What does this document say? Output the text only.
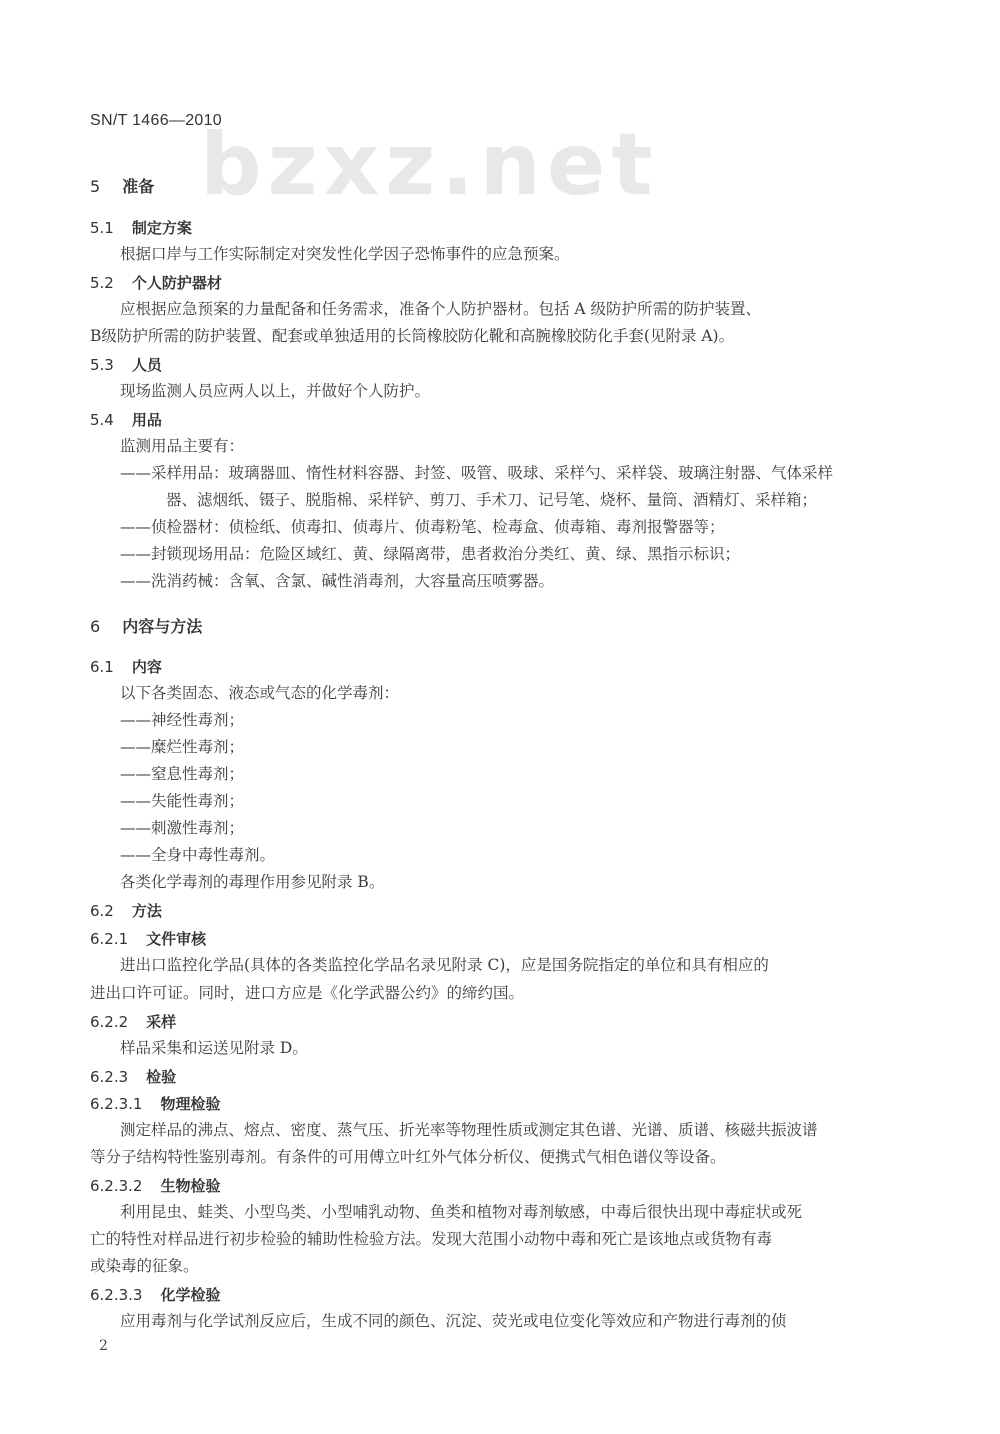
bzxz.net
SN/T 1466—2010
5 准备
5.1 制定方案
根据口岸与工作实际制定对突发性化学因子恐怖事件的应急预案。
5.2 个人防护器材
应根据应急预案的力量配备和任务需求，准备个人防护器材。包括 A 级防护所需的防护装置、
B级防护所需的防护装置、配套或单独适用的长筒橡胶防化靴和高腕橡胶防化手套(见附录 A)。
5.3 人员
现场监测人员应两人以上，并做好个人防护。
5.4 用品
监测用品主要有：
——采样用品：玻璃器皿、惰性材料容器、封签、吸管、吸球、采样勺、采样袋、玻璃注射器、气体采样
器、滤烟纸、镊子、脱脂棉、采样铲、剪刀、手术刀、记号笔、烧杯、量筒、酒精灯、采样箱；
——侦检器材：侦检纸、侦毒扣、侦毒片、侦毒粉笔、检毒盒、侦毒箱、毒剂报警器等；
——封锁现场用品：危险区域红、黄、绿隔离带，患者救治分类红、黄、绿、黑指示标识；
——洗消药械：含氧、含氯、碱性消毒剂，大容量高压喷雾器。
6 内容与方法
6.1 内容
以下各类固态、液态或气态的化学毒剂：
——神经性毒剂；
——糜烂性毒剂；
——窒息性毒剂；
——失能性毒剂；
——刺激性毒剂；
——全身中毒性毒剂。
各类化学毒剂的毒理作用参见附录 B。
6.2 方法
6.2.1 文件审核
进出口监控化学品(具体的各类监控化学品名录见附录 C)，应是国务院指定的单位和具有相应的
进出口许可证。同时，进口方应是《化学武器公约》的缔约国。
6.2.2 采样
样品采集和运送见附录 D。
6.2.3 检验
6.2.3.1 物理检验
测定样品的沸点、熔点、密度、蒸气压、折光率等物理性质或测定其色谱、光谱、质谱、核磁共振波谱
等分子结构特性鉴别毒剂。有条件的可用傅立叶红外气体分析仪、便携式气相色谱仪等设备。
6.2.3.2 生物检验
利用昆虫、蛙类、小型鸟类、小型哺乳动物、鱼类和植物对毒剂敏感，中毒后很快出现中毒症状或死
亡的特性对样品进行初步检验的辅助性检验方法。发现大范围小动物中毒和死亡是该地点或货物有毒
或染毒的征象。
6.2.3.3 化学检验
应用毒剂与化学试剂反应后，生成不同的颜色、沉淀、荧光或电位变化等效应和产物进行毒剂的侦
2
